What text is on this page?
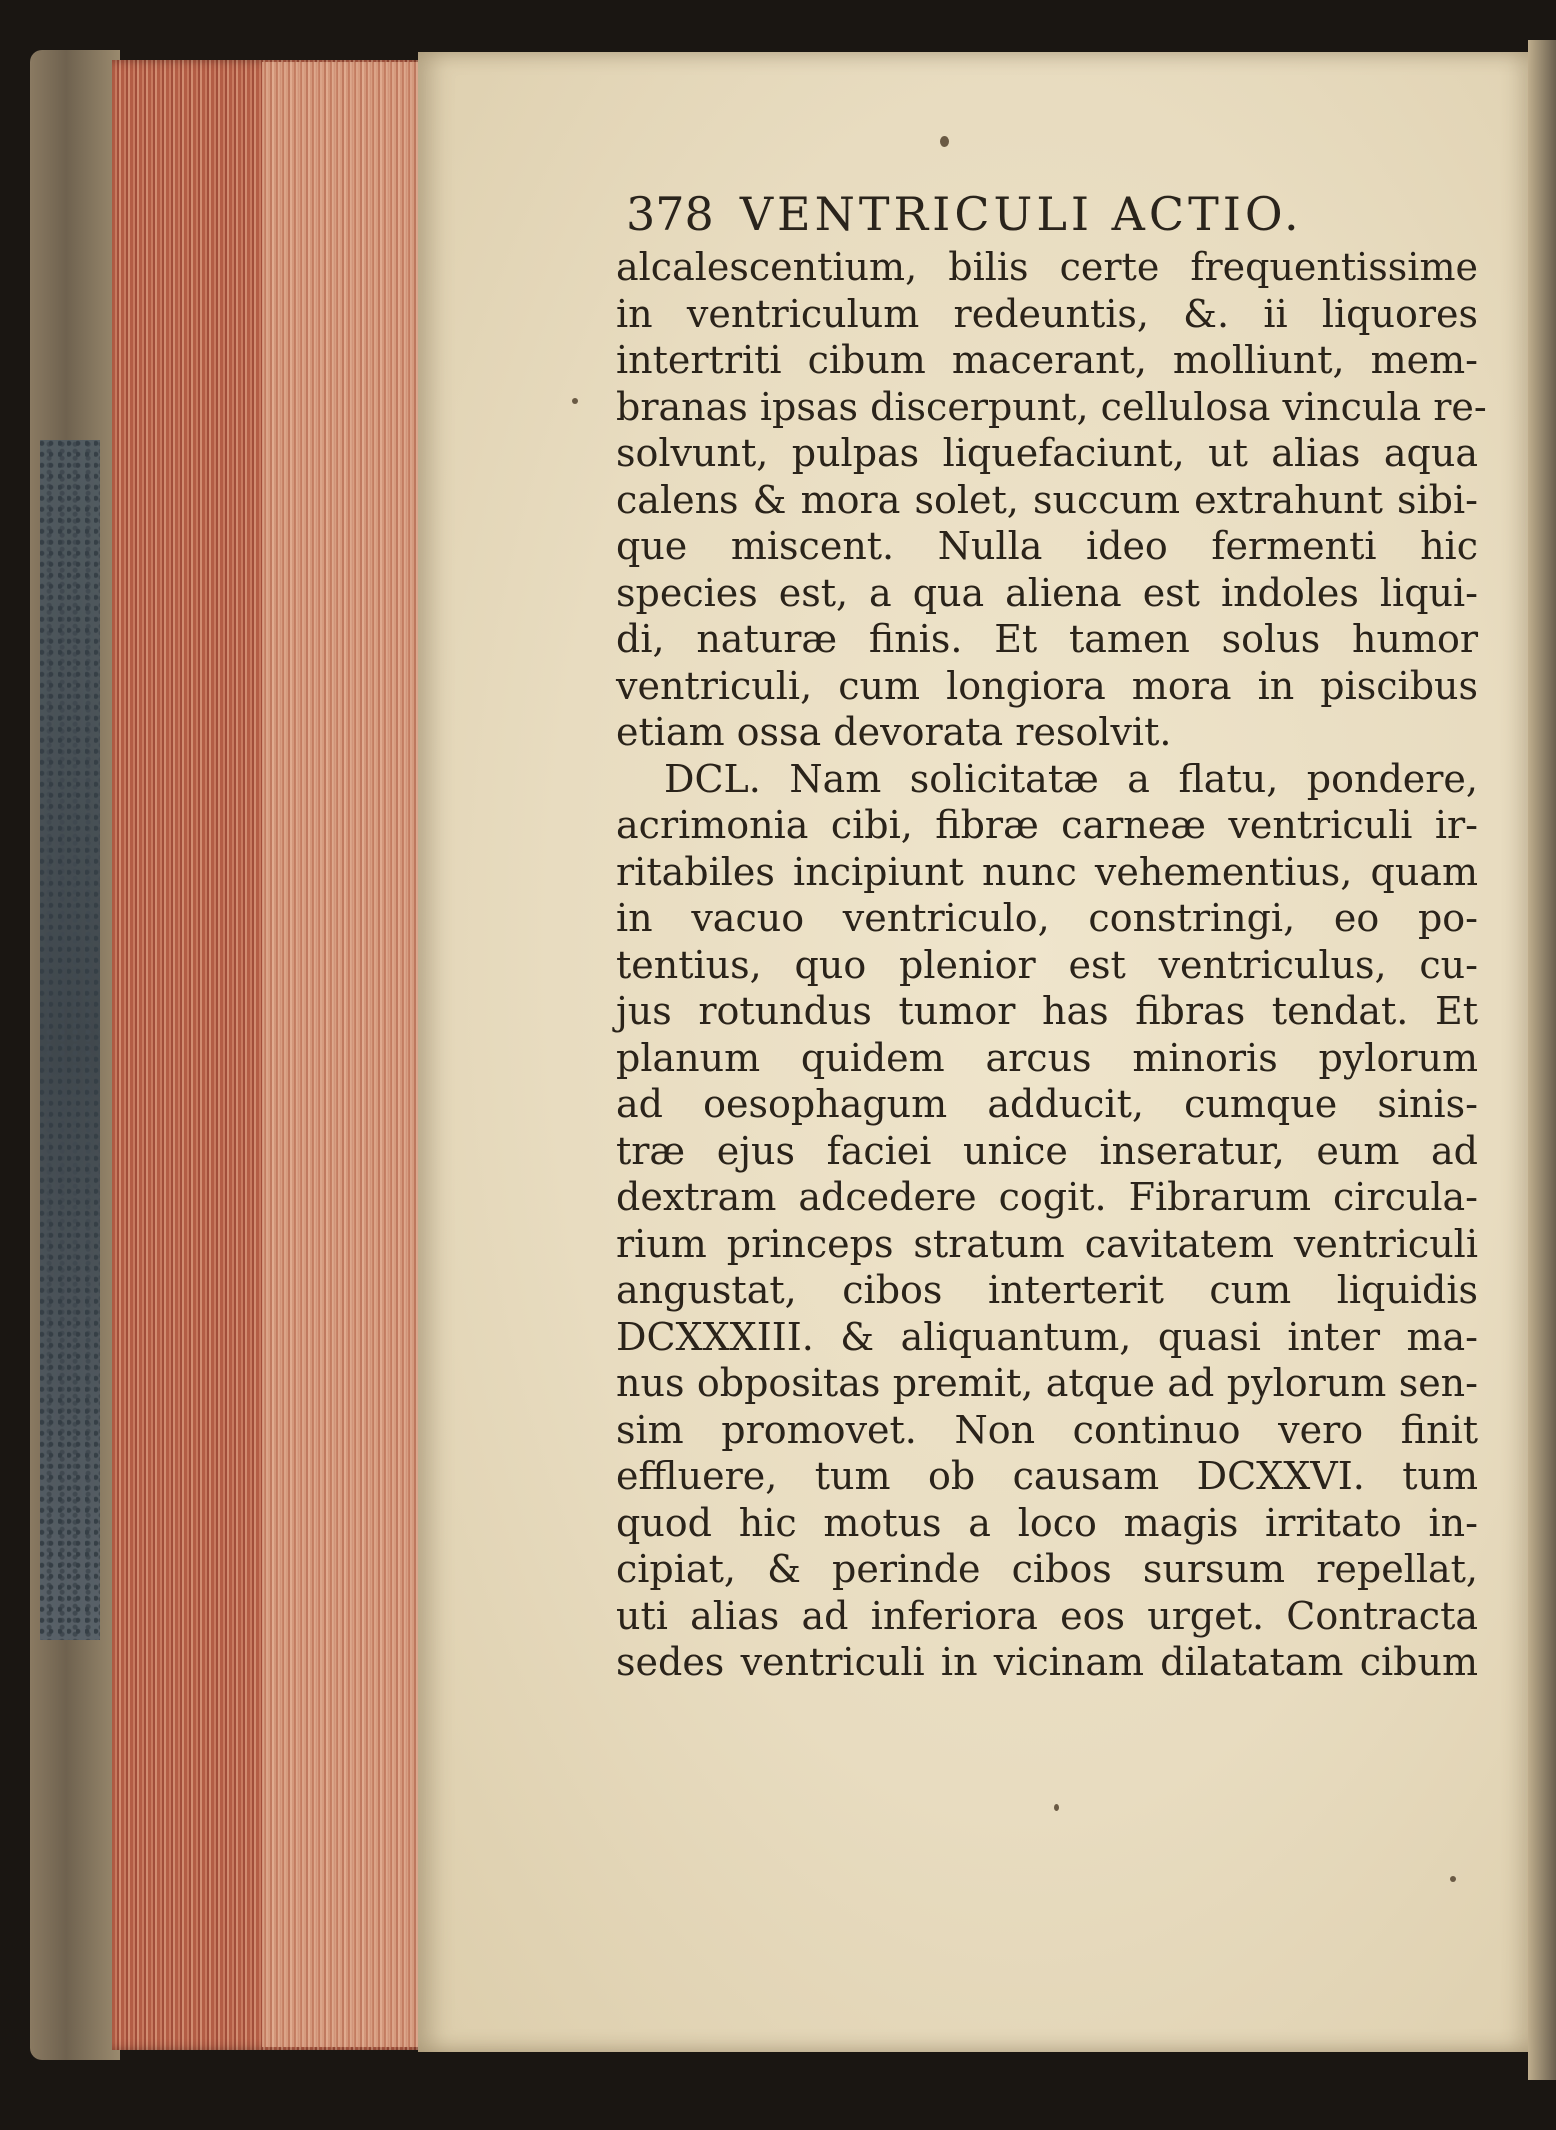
378 VENTRICULI ACTIO.
alcalescentium, bilis certe frequentissime
in ventriculum redeuntis, &. ii liquores
intertriti cibum macerant, molliunt, mem-
branas ipsas discerpunt, cellulosa vincula re-
solvunt, pulpas liquefaciunt, ut alias aqua
calens & mora solet, succum extrahunt sibi-
que miscent. Nulla ideo fermenti hic
species est, a qua aliena est indoles liqui-
di, naturæ finis. Et tamen solus humor
ventriculi, cum longiora mora in piscibus
etiam ossa devorata resolvit.
DCL. Nam solicitatæ a flatu, pondere,
acrimonia cibi, fibræ carneæ ventriculi ir-
ritabiles incipiunt nunc vehementius, quam
in vacuo ventriculo, constringi, eo po-
tentius, quo plenior est ventriculus, cu-
jus rotundus tumor has fibras tendat. Et
planum quidem arcus minoris pylorum
ad oesophagum adducit, cumque sinis-
træ ejus faciei unice inseratur, eum ad
dextram adcedere cogit. Fibrarum circula-
rium princeps stratum cavitatem ventriculi
angustat, cibos interterit cum liquidis
DCXXXIII. & aliquantum, quasi inter ma-
nus obpositas premit, atque ad pylorum sen-
sim promovet. Non continuo vero finit
effluere, tum ob causam DCXXVI. tum
quod hic motus a loco magis irritato in-
cipiat, & perinde cibos sursum repellat,
uti alias ad inferiora eos urget. Contracta
sedes ventriculi in vicinam dilatatam cibum
